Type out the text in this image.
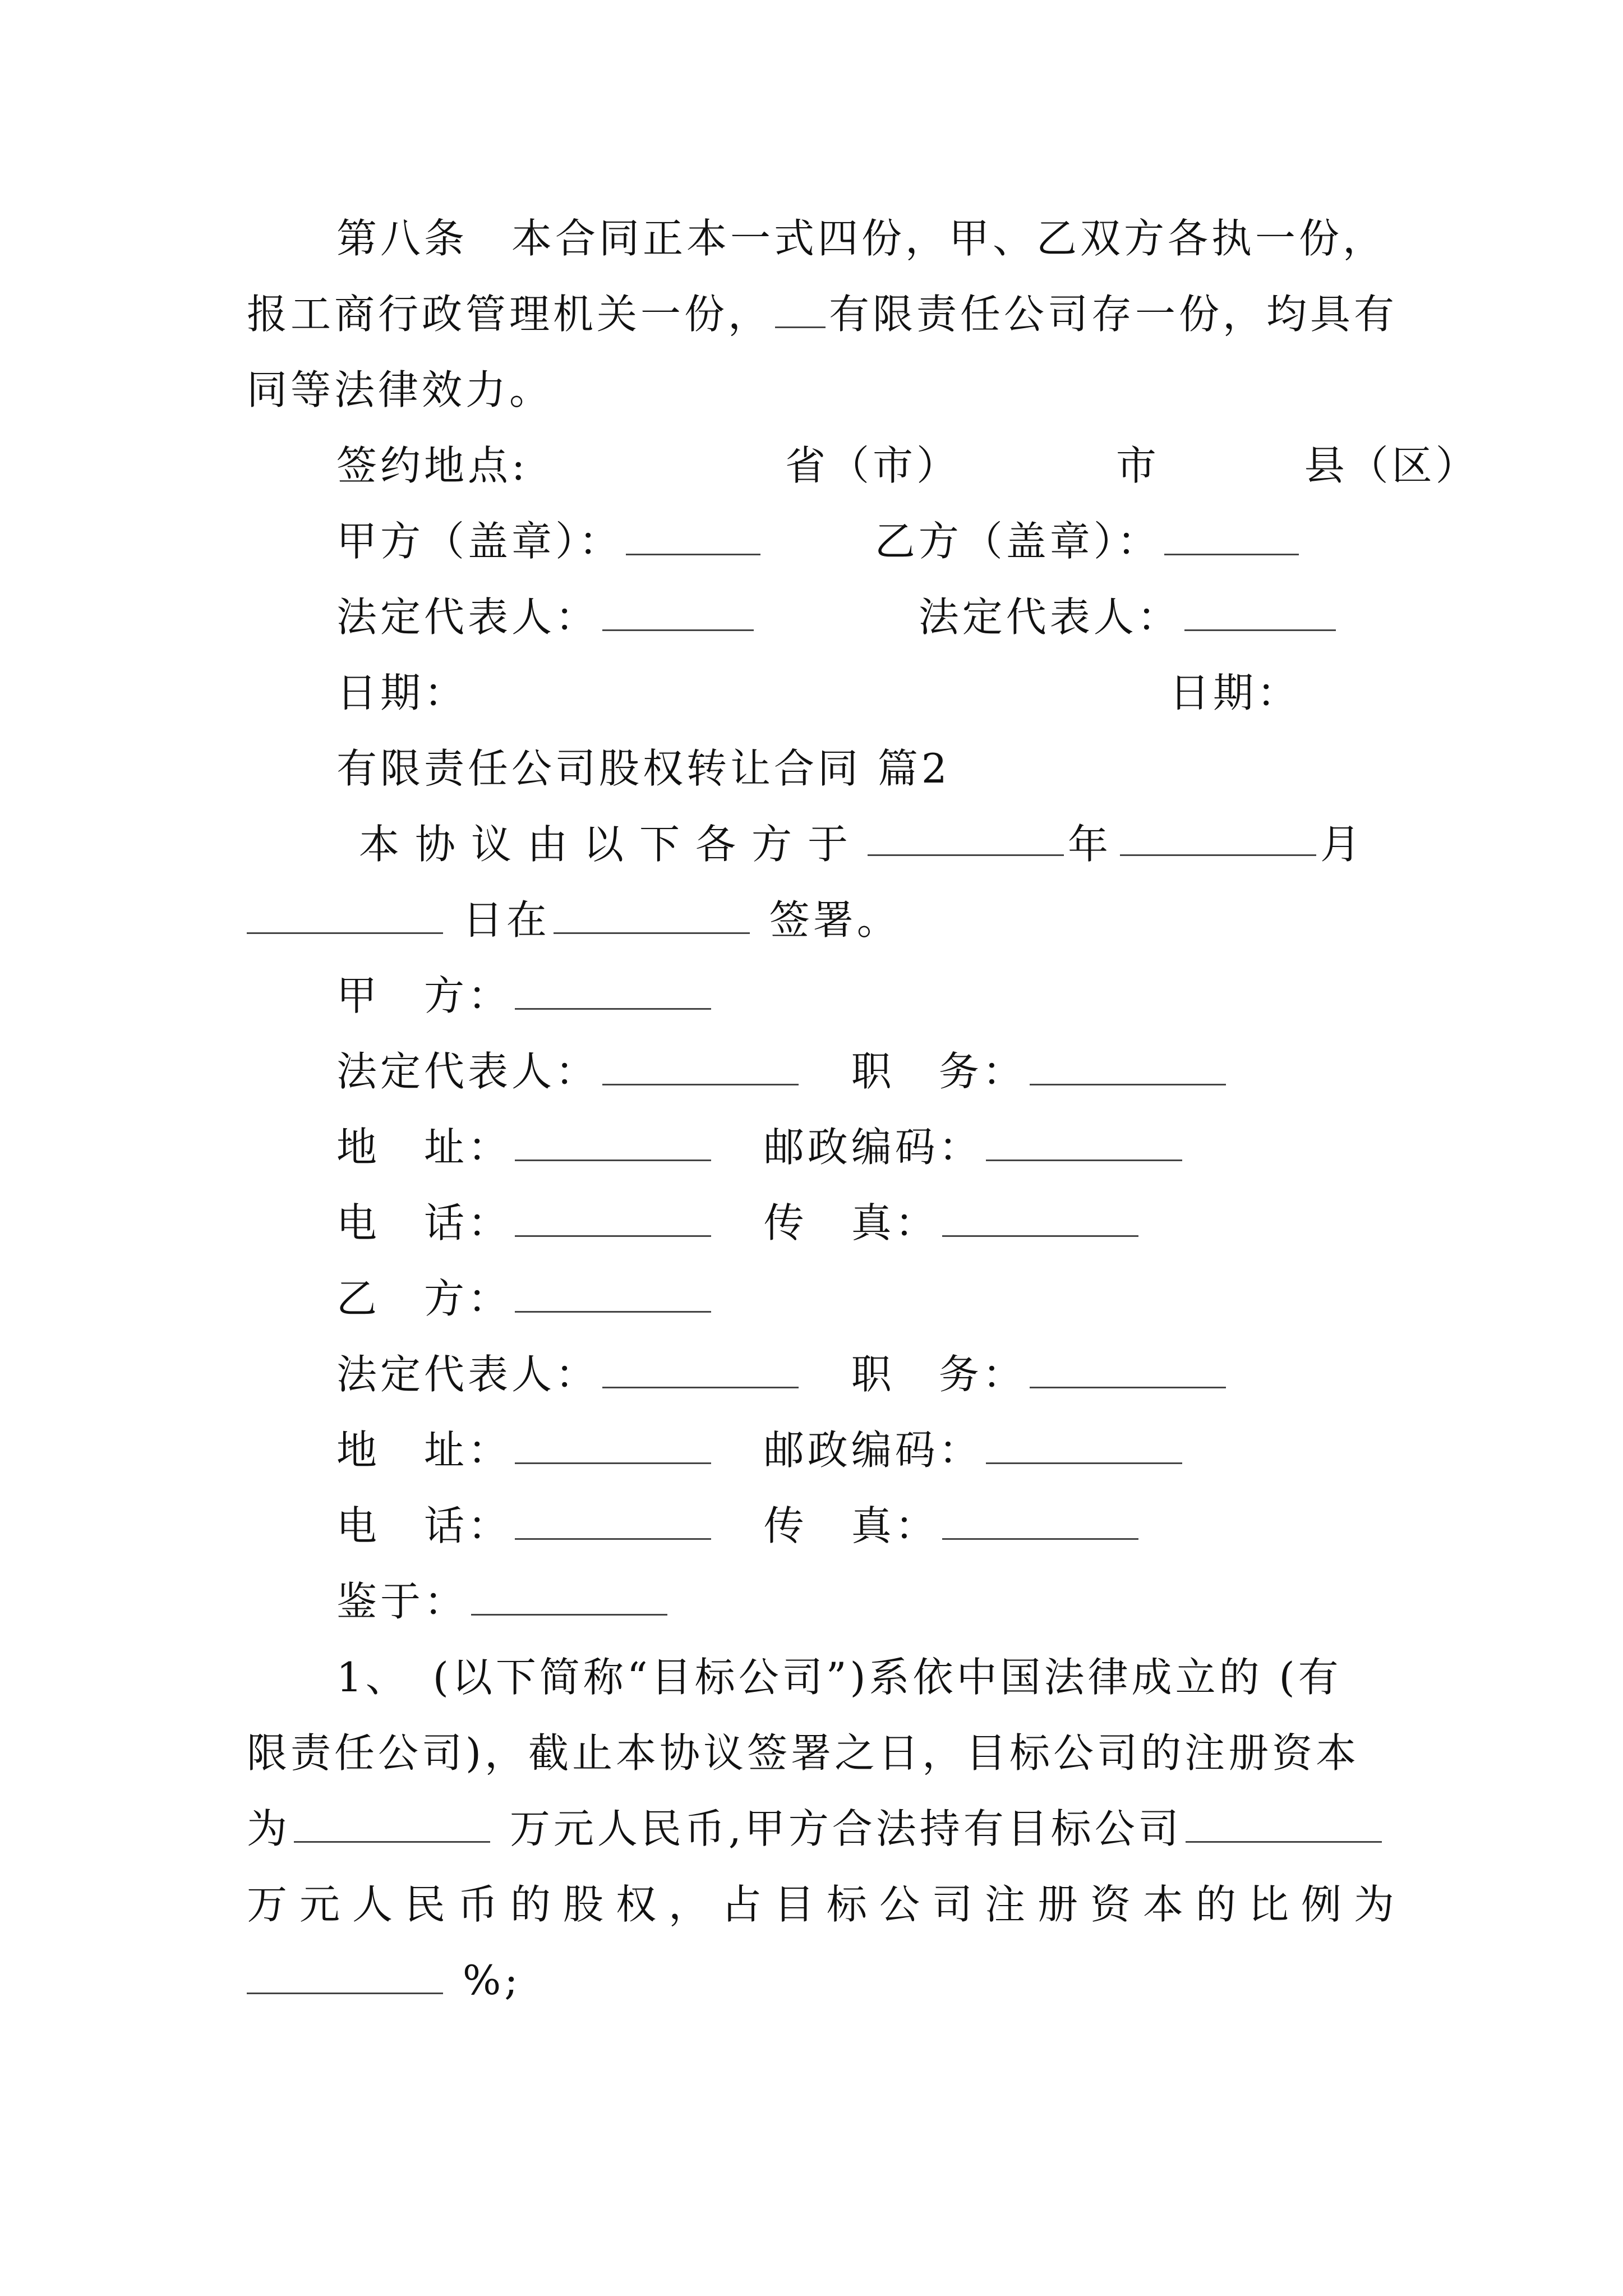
第八条　本合同正本一式四份，甲、乙双方各执一份，
报工商行政管理机关一份， 有限责任公司存一份，均具有
同等法律效力。
签约地点:	省（市）	市	县（区）
甲方（盖章）：	乙方（盖章）：
法定代表人：	法定代表人：
日期：	日期：
有限责任公司股权转让合同 篇2
本协议由以下各方于	年	月
日在	签署。
甲　方：
法定代表人：	职　务：
地　址：	邮政编码：
电　话：	传　真：
乙　方：
法定代表人：	职　务：
地　址：	邮政编码：
电　话：	传　真：
鉴于：
1、　(以下简称“目标公司”)系依中国法律成立的 (有
限责任公司)，截止本协议签署之日，目标公司的注册资本
为	万元人民币,甲方合法持有目标公司
万元人民币的股权，占目标公司注册资本的比例为
%;
